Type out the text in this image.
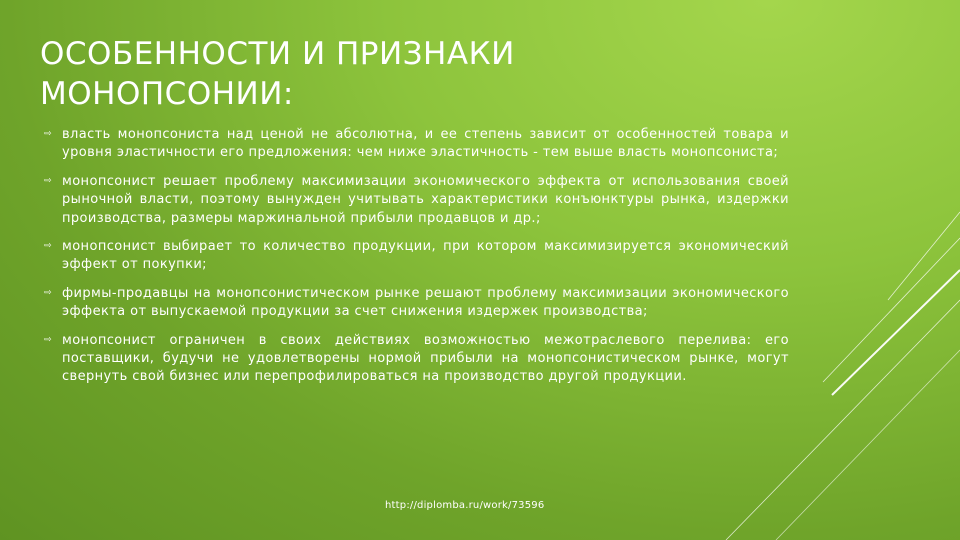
ОСОБЕННОСТИ И ПРИЗНАКИ МОНОПСОНИИ:
⇨ власть монопсониста над ценой не абсолютна, и ее степень зависит от особенностей товара и уровня эластичности его предложения: чем ниже эластичность - тем выше власть монопсониста;
⇨ монопсонист решает проблему максимизации экономического эффекта от использования своей рыночной власти, поэтому вынужден учитывать характеристики конъюнктуры рынка, издержки производства, размеры маржинальной прибыли продавцов и др.;
⇨ монопсонист выбирает то количество продукции, при котором максимизируется экономический эффект от покупки;
⇨ фирмы-продавцы на монопсонистическом рынке решают проблему максимизации экономического эффекта от выпускаемой продукции за счет снижения издержек производства;
⇨ монопсонист ограничен в своих действиях возможностью межотраслевого перелива: его поставщики, будучи не удовлетворены нормой прибыли на монопсонистическом рынке, могут свернуть свой бизнес или перепрофилироваться на производство другой продукции.
http://diplomba.ru/work/73596
